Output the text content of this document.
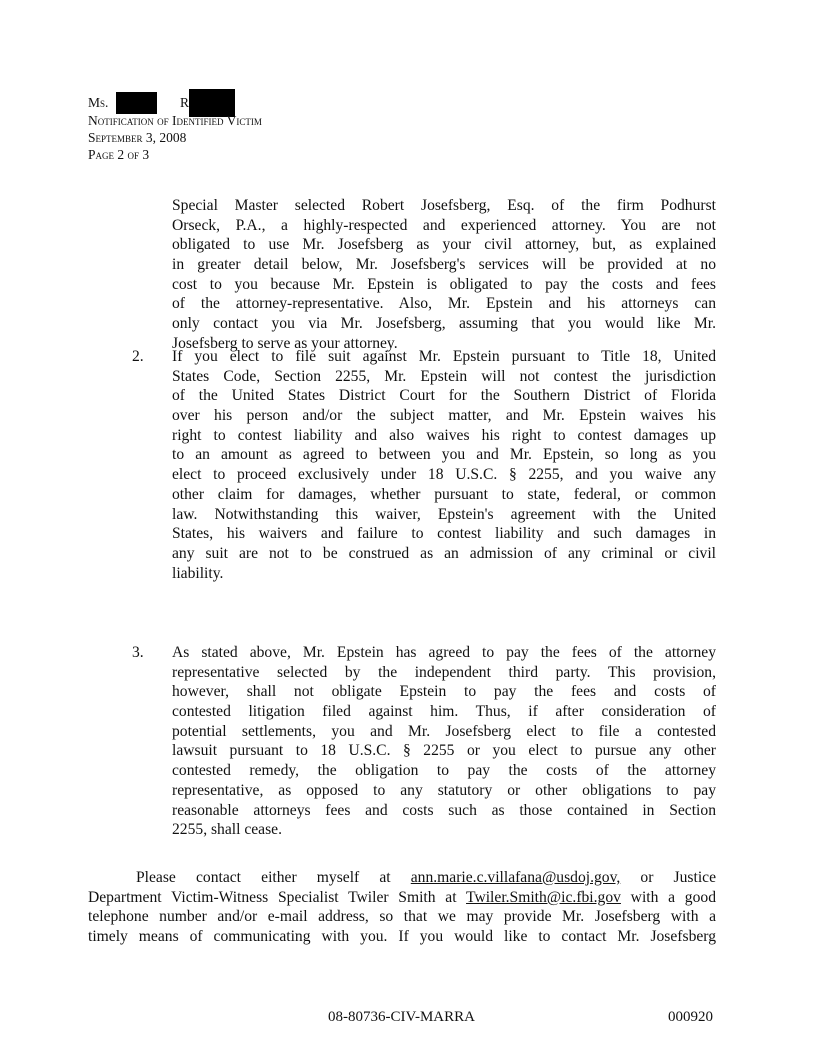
Ms.	R
Notification of Identified Victim
September 3, 2008
Page 2 of 3
Special Master selected Robert Josefsberg, Esq. of the firm Podhurst
Orseck, P.A., a highly-respected and experienced attorney. You are not
obligated to use Mr. Josefsberg as your civil attorney, but, as explained
in greater detail below, Mr. Josefsberg's services will be provided at no
cost to you because Mr. Epstein is obligated to pay the costs and fees
of the attorney-representative. Also, Mr. Epstein and his attorneys can
only contact you via Mr. Josefsberg, assuming that you would like Mr.
Josefsberg to serve as your attorney.
2. If you elect to file suit against Mr. Epstein pursuant to Title 18, United
States Code, Section 2255, Mr. Epstein will not contest the jurisdiction
of the United States District Court for the Southern District of Florida
over his person and/or the subject matter, and Mr. Epstein waives his
right to contest liability and also waives his right to contest damages up
to an amount as agreed to between you and Mr. Epstein, so long as you
elect to proceed exclusively under 18 U.S.C. § 2255, and you waive any
other claim for damages, whether pursuant to state, federal, or common
law. Notwithstanding this waiver, Epstein's agreement with the United
States, his waivers and failure to contest liability and such damages in
any suit are not to be construed as an admission of any criminal or civil
liability.
3. As stated above, Mr. Epstein has agreed to pay the fees of the attorney
representative selected by the independent third party. This provision,
however, shall not obligate Epstein to pay the fees and costs of
contested litigation filed against him. Thus, if after consideration of
potential settlements, you and Mr. Josefsberg elect to file a contested
lawsuit pursuant to 18 U.S.C. § 2255 or you elect to pursue any other
contested remedy, the obligation to pay the costs of the attorney
representative, as opposed to any statutory or other obligations to pay
reasonable attorneys fees and costs such as those contained in Section
2255, shall cease.
Please contact either myself at ann.marie.c.villafana@usdoj.gov, or Justice
Department Victim-Witness Specialist Twiler Smith at Twiler.Smith@ic.fbi.gov with a good
telephone number and/or e-mail address, so that we may provide Mr. Josefsberg with a
timely means of communicating with you. If you would like to contact Mr. Josefsberg
08-80736-CIV-MARRA	000920
